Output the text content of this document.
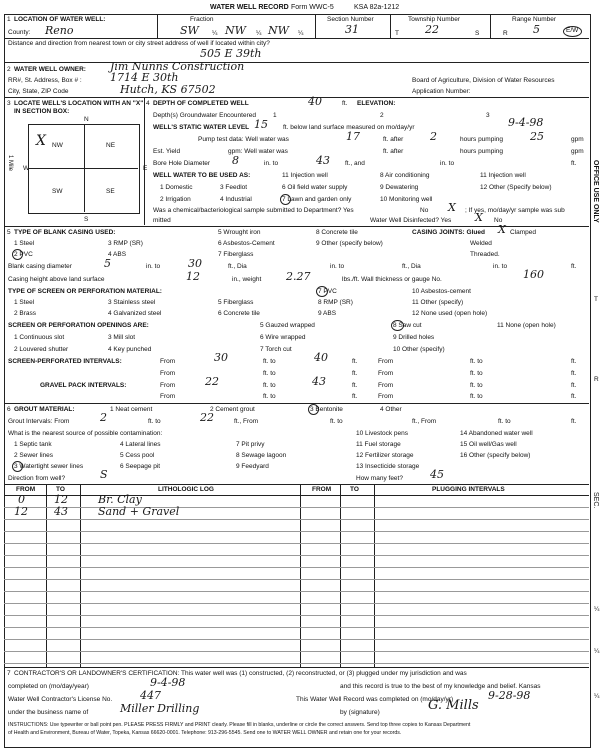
WATER WELL RECORD Form WWC-5	KSA 82a-1212
1 LOCATION OF WATER WELL:	Fraction	Section Number	Township Number	Range Number
County: Reno	SW ¼ NW ¼ NW ¼	31	T 22	S	R 5	E/W
Distance and direction from nearest town or city street address of well if located within city?
505 E 39th
2 WATER WELL OWNER: Jim Nunns Construction
RR#, St. Address, Box # :	1714 E 30th	Board of Agriculture, Division of Water Resources
City, State, ZIP Code	Hutch, KS 67502	Application Number:
3 LOCATE WELL'S LOCATION WITH AN "X" IN SECTION BOX:
N
S
W	E
NW	NE
SW	SE
X
1 Mile
4 DEPTH OF COMPLETED WELL	40	ft. ELEVATION:
Depth(s) Groundwater Encountered	1	2	3
WELL'S STATIC WATER LEVEL 15 ft. below land surface measured on mo/day/yr	9-4-98
Pump test data: Well water was	17	ft. after 2	hours pumping 25	gpm
Est. Yield	gpm: Well water was	ft. after	hours pumping	gpm
Bore Hole Diameter 8	in. to	43 ft., and	in. to	ft.
WELL WATER TO BE USED AS:	11 Injection well	8 Air conditioning	11 Injection well
1 Domestic	3 Feedlot	6 Oil field water supply	9 Dewatering	12 Other (Specify below)
2 Irrigation	4 Industrial	7 Lawn and garden only	10 Monitoring well
Was a chemical/bacteriological sample submitted to Department? Yes	No X ; If yes, mo/day/yr sample was sub
mitted	Water Well Disinfected? Yes X No
5 TYPE OF BLANK CASING USED:	5 Wrought iron	8 Concrete tile	CASING JOINTS: Glued X Clamped
1 Steel	3 RMP (SR)	6 Asbestos-Cement	9 Other (specify below)	Welded
2 PVC	4 ABS	7 Fiberglass	Threaded.
Blank casing diameter	5	in. to	30	ft., Dia	in. to	ft., Dia	in. to	ft.
Casing height above land surface	12	in., weight 2.27	lbs./ft. Wall thickness or gauge No.	160
TYPE OF SCREEN OR PERFORATION MATERIAL:	7 PVC	10 Asbestos-cement
1 Steel	3 Stainless steel	5 Fiberglass	8 RMP (SR)	11 Other (specify)
2 Brass	4 Galvanized steel	6 Concrete tile	9 ABS	12 None used (open hole)
SCREEN OR PERFORATION OPENINGS ARE:	5 Gauzed wrapped	8 Saw cut	11 None (open hole)
1 Continuous slot	3 Mill slot	6 Wire wrapped	9 Drilled holes
2 Louvered shutter	4 Key punched	7 Torch cut	10 Other (specify)
SCREEN-PERFORATED INTERVALS:	From	30	ft. to	40	ft.	From	ft. to	ft.
From	ft. to	ft.	From	ft. to	ft.
GRAVEL PACK INTERVALS:	From	22	ft. to	43	ft.	From	ft. to	ft.
From	ft. to	ft.	From	ft. to	ft.
6 GROUT MATERIAL:	1 Neat cement	2 Cement grout	3 Bentonite	4 Other
Grout Intervals: From	2	ft. to	22	ft., From	ft. to	ft., From	ft. to	ft.
What is the nearest source of possible contamination:	10 Livestock pens	14 Abandoned water well
1 Septic tank	4 Lateral lines	7 Pit privy	11 Fuel storage	15 Oil well/Gas well
2 Sewer lines	5 Cess pool	8 Sewage lagoon	12 Fertilizer storage	16 Other (specify below)
3 Watertight sewer lines	6 Seepage pit	9 Feedyard	13 Insecticide storage
Direction from well?	S	How many feet? 45
FROM	TO	LITHOLOGIC LOG	FROM	TO	PLUGGING INTERVALS
0	12	Br. Clay
12 43	Sand + Gravel
7 CONTRACTOR'S OR LANDOWNER'S CERTIFICATION: This water well was (1) constructed, (2) reconstructed, or (3) plugged under my jurisdiction and was
completed on (mo/day/year)	9-4-98	and this record is true to the best of my knowledge and belief. Kansas
Water Well Contractor's License No.	447	This Water Well Record was completed on (mo/day/yr)	9-28-98
under the business name of	Miller Drilling	by (signature)	G. Mills
INSTRUCTIONS: Use typewriter or ball point pen. PLEASE PRESS FIRMLY and PRINT clearly. Please fill in blanks, underline or circle the correct answers. Send top three copies to Kansas Department
of Health and Environment, Bureau of Water, Topeka, Kansas 66620-0001. Telephone: 913-296-5545. Send one to WATER WELL OWNER and retain one for your records.
OFFICE USE ONLY
T
R
SEC.
¼
¼
¼
